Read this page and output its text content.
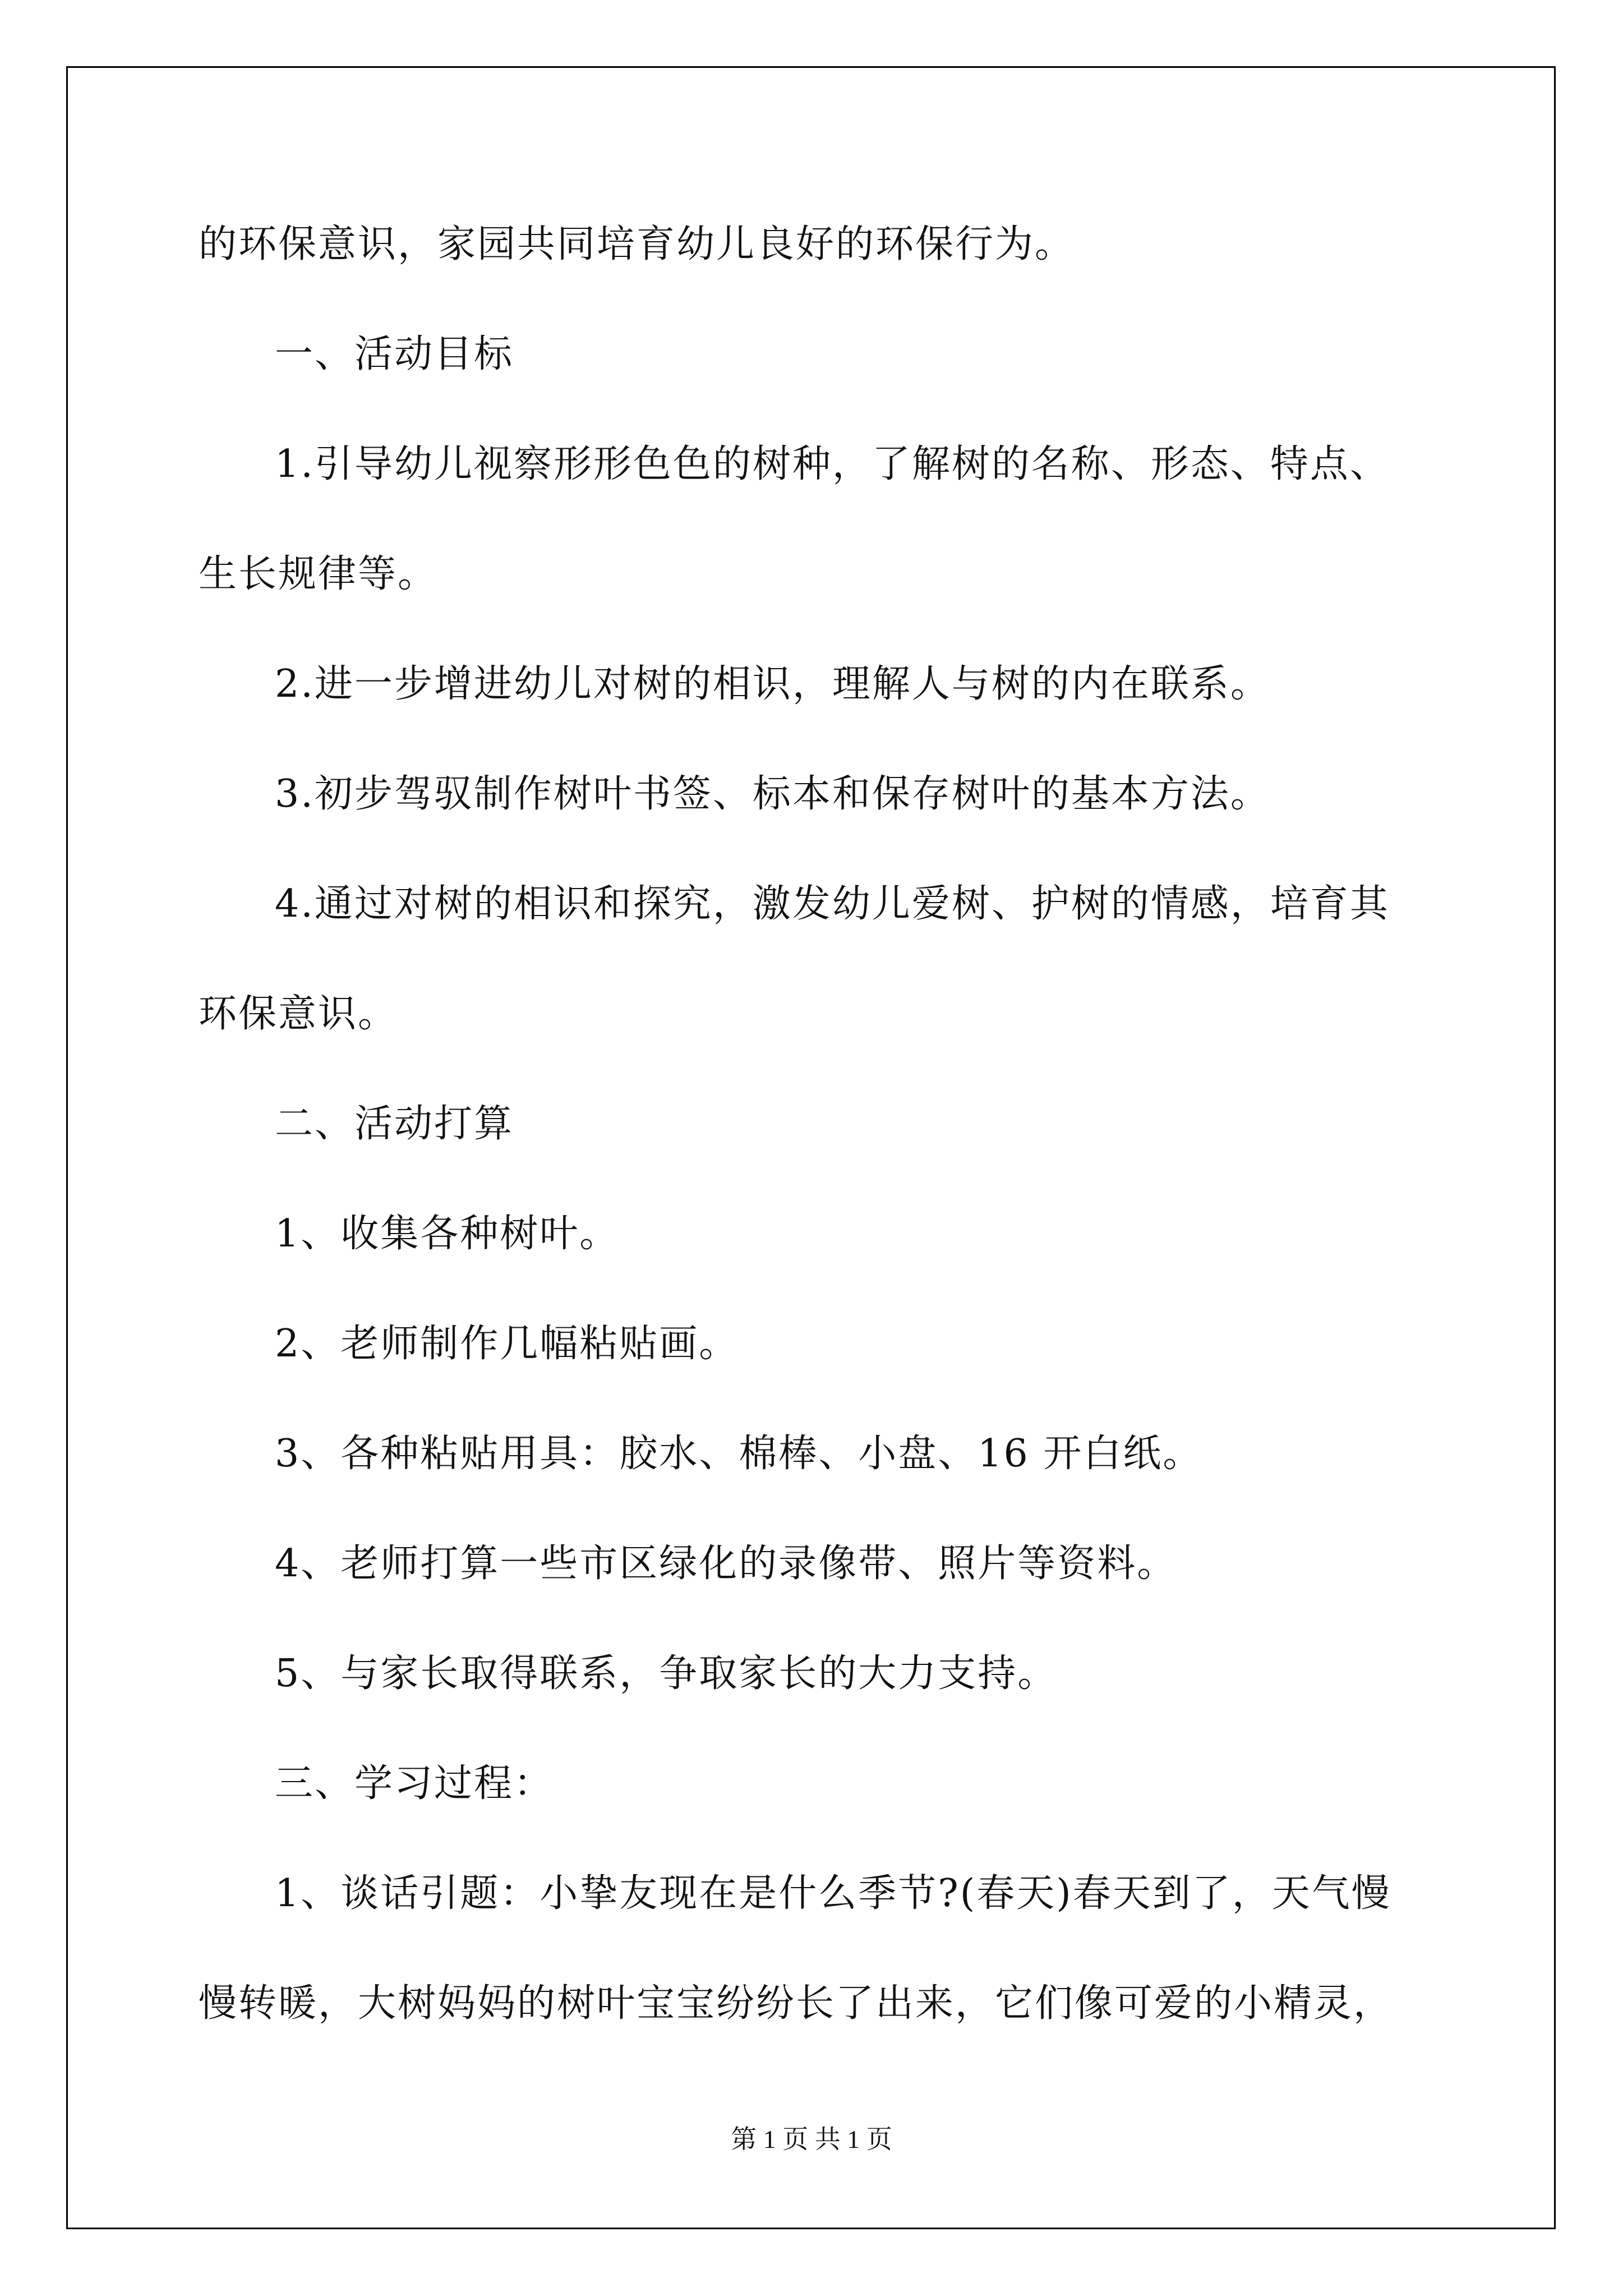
的环保意识，家园共同培育幼儿良好的环保行为。
一、活动目标
1.引导幼儿视察形形色色的树种，了解树的名称、形态、特点、
生长规律等。
2.进一步增进幼儿对树的相识，理解人与树的内在联系。
3.初步驾驭制作树叶书签、标本和保存树叶的基本方法。
4.通过对树的相识和探究，激发幼儿爱树、护树的情感，培育其
环保意识。
二、活动打算
1、收集各种树叶。
2、老师制作几幅粘贴画。
3、各种粘贴用具：胶水、棉棒、小盘、16 开白纸。
4、老师打算一些市区绿化的录像带、照片等资料。
5、与家长取得联系，争取家长的大力支持。
三、学习过程：
1、谈话引题：小挚友现在是什么季节?(春天)春天到了，天气慢
慢转暖，大树妈妈的树叶宝宝纷纷长了出来，它们像可爱的小精灵，
第 1 页 共 1 页
